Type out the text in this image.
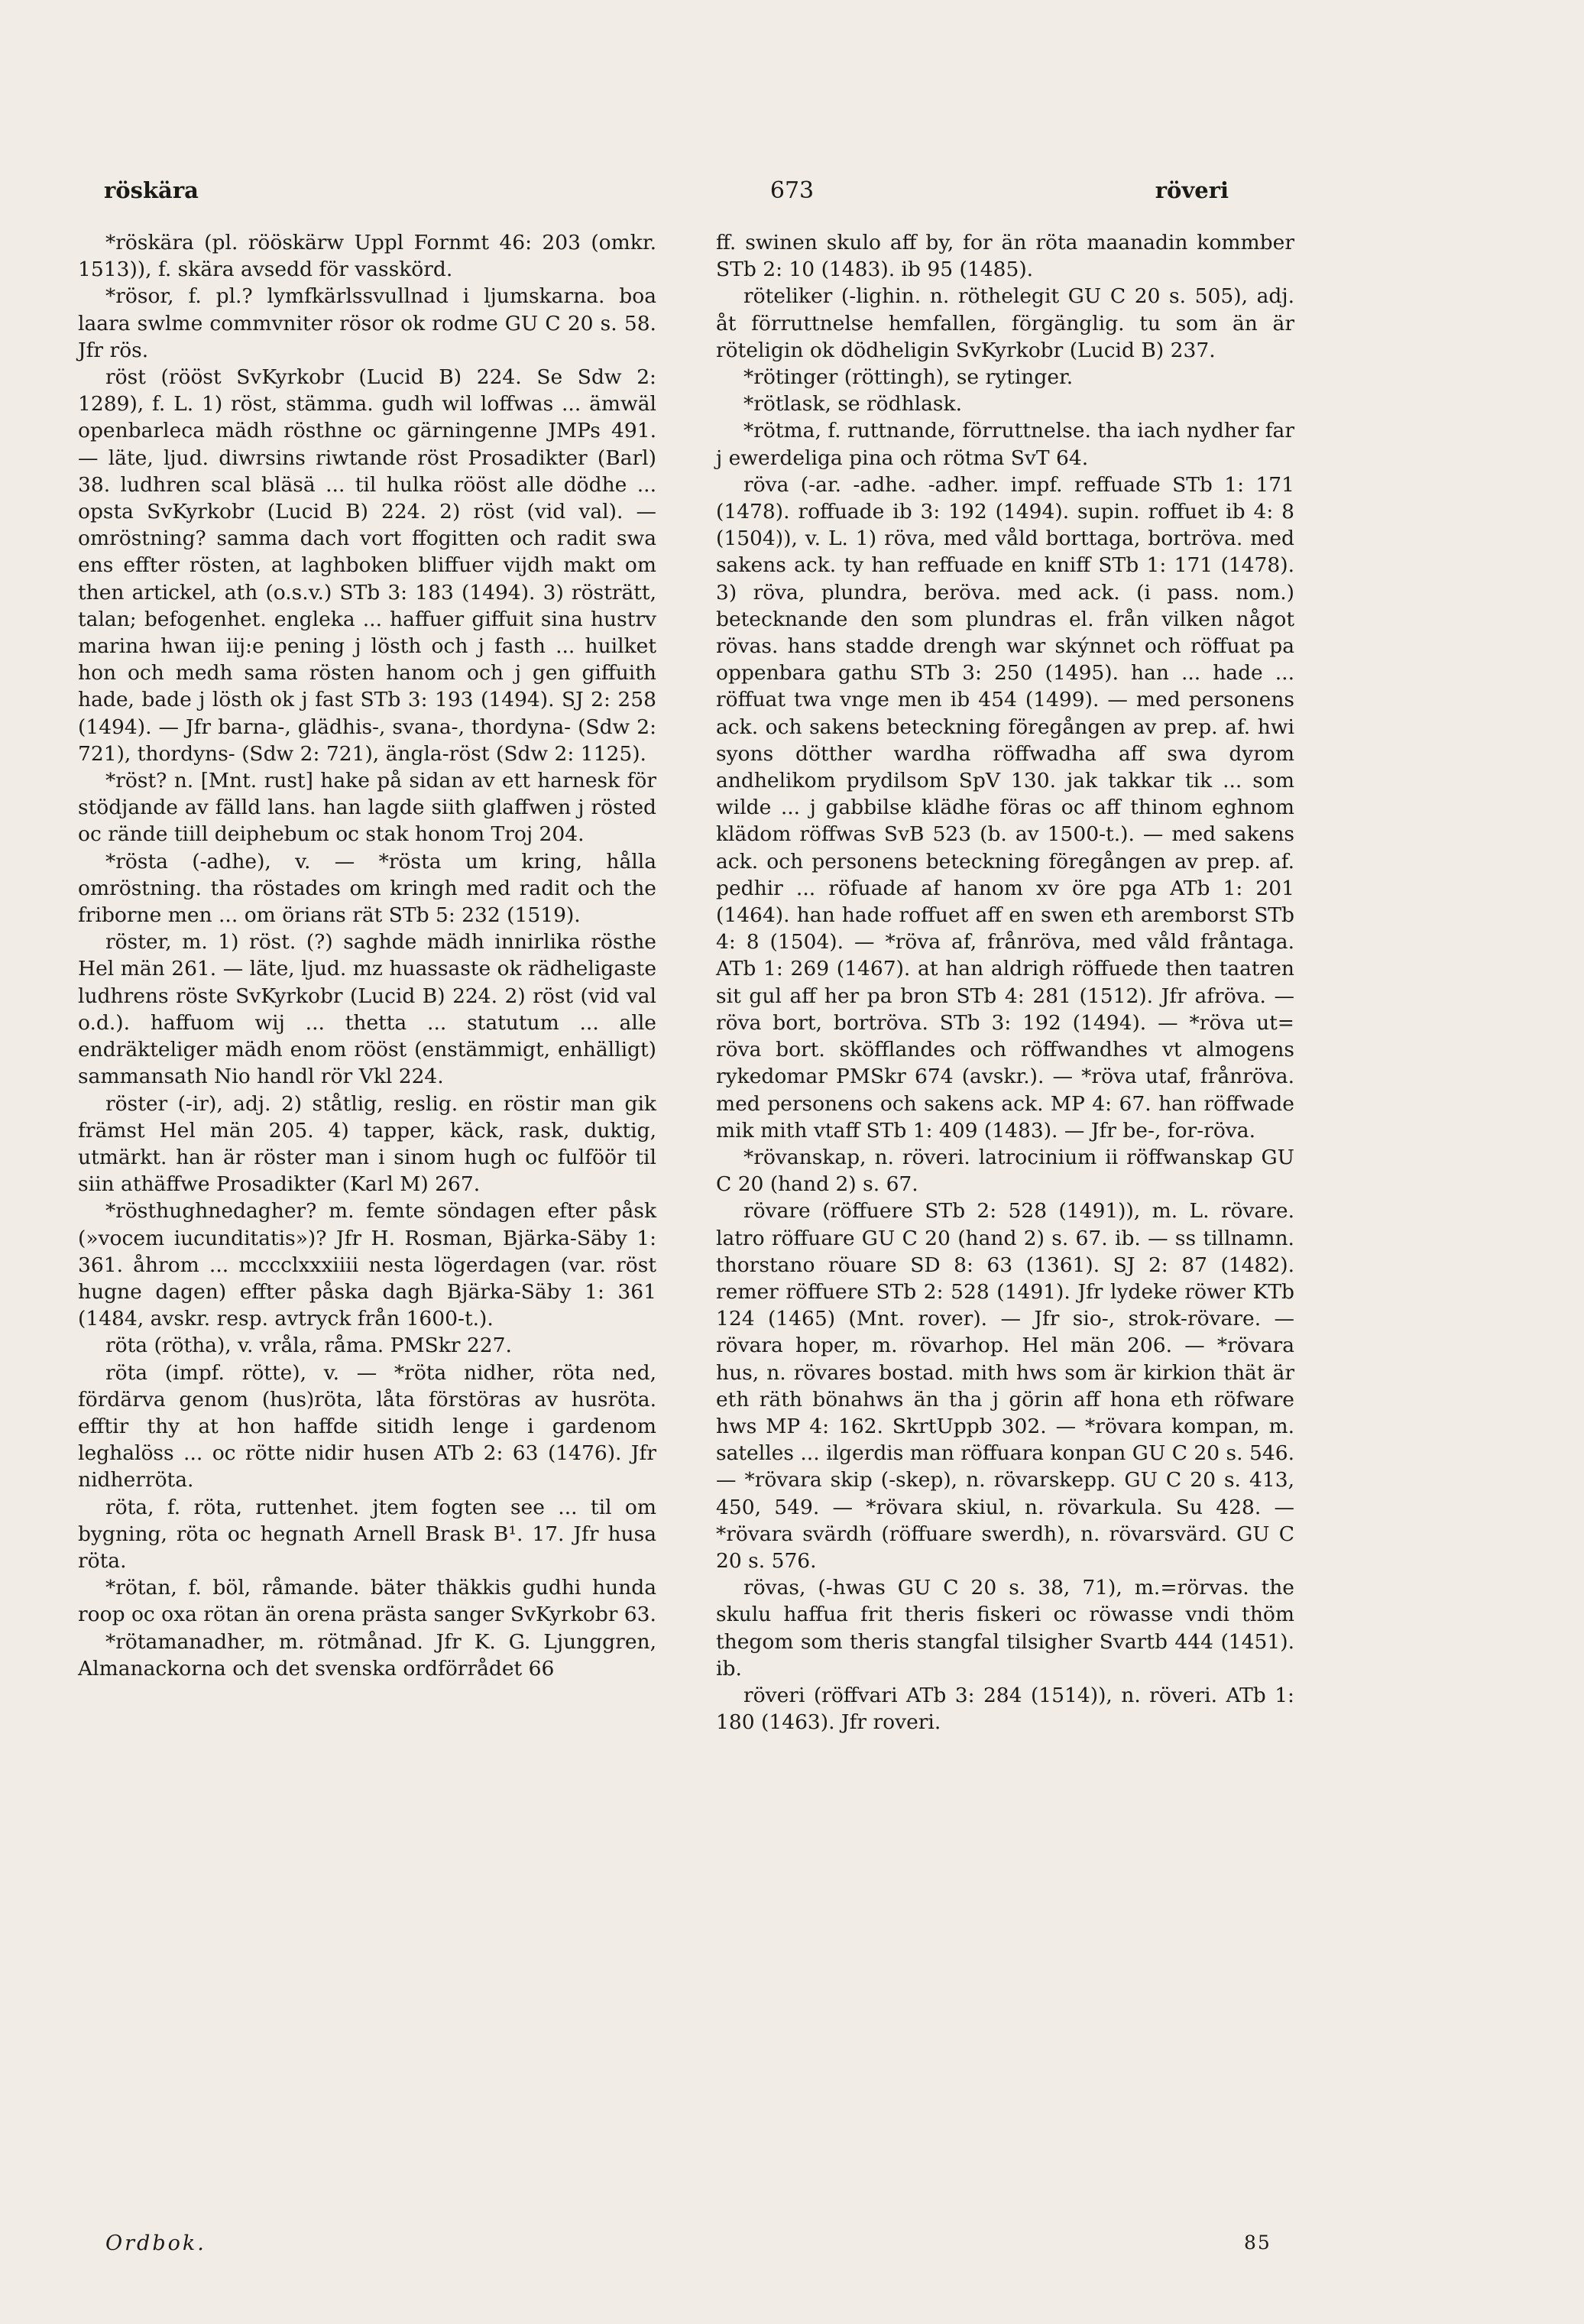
röskära	673	röveri

*röskära (pl. rööskärw Uppl Fornmt 46: 203 (omkr. 1513)), f. skära avsedd för vasskörd.

*rösor, f. pl.? lymfkärlssvullnad i ljumskarna. boa laara swlme commvniter rösor ok rodme GU C 20 s. 58. Jfr rös.

röst (rööst SvKyrkobr (Lucid B) 224. Se Sdw 2: 1289), f. L. 1) röst, stämma. gudh wil loffwas ... ämwäl openbarleca mädh rösthne oc gärningenne JMPs 491. — läte, ljud. diwrsins riwtande röst Prosadikter (Barl) 38. ludhren scal bläsä ... til hulka rööst alle dödhe ... opsta SvKyrkobr (Lucid B) 224. 2) röst (vid val). — omröstning? samma dach vort ffogitten och radit swa ens effter rösten, at laghboken bliffuer vijdh makt om then artickel, ath (o.s.v.) STb 3: 183 (1494). 3) rösträtt, talan; befogenhet. engleka ... haffuer giffuit sina hustrv marina hwan iij:e pening j lösth och j fasth ... huilket hon och medh sama rösten hanom och j gen giffuith hade, bade j lösth ok j fast STb 3: 193 (1494). SJ 2: 258 (1494). — Jfr barna-, glädhis-, svana-, thordyna- (Sdw 2: 721), thordyns- (Sdw 2: 721), ängla-röst (Sdw 2: 1125).

*röst? n. [Mnt. rust] hake på sidan av ett harnesk för stödjande av fälld lans. han lagde siith glaffwen j rösted oc rände tiill deiphebum oc stak honom Troj 204.

*rösta (-adhe), v. — *rösta um kring, hålla omröstning. tha röstades om kringh med radit och the friborne men ... om örians rät STb 5: 232 (1519).

röster, m. 1) röst. (?) saghde mädh innirlika rösthe Hel män 261. — läte, ljud. mz huassaste ok rädheligaste ludhrens röste SvKyrkobr (Lucid B) 224. 2) röst (vid val o.d.). haffuom wij ... thetta ... statutum ... alle endräkteliger mädh enom rööst (enstämmigt, enhälligt) sammansath Nio handl rör Vkl 224.

röster (-ir), adj. 2) ståtlig, reslig. en röstir man gik främst Hel män 205. 4) tapper, käck, rask, duktig, utmärkt. han är röster man i sinom hugh oc fulföör til siin athäffwe Prosadikter (Karl M) 267.

*rösthughnedagher? m. femte söndagen efter påsk (»vocem iucunditatis»)? Jfr H. Rosman, Bjärka-Säby 1: 361. åhrom ... mccclxxxiiii nesta lögerdagen (var. röst hugne dagen) effter påska dagh Bjärka-Säby 1: 361 (1484, avskr. resp. avtryck från 1600-t.).

röta (rötha), v. vråla, råma. PMSkr 227.

röta (impf. rötte), v. — *röta nidher, röta ned, fördärva genom (hus)röta, låta förstöras av husröta. efftir thy at hon haffde sitidh lenge i gardenom leghalöss ... oc rötte nidir husen ATb 2: 63 (1476). Jfr nidherröta.

röta, f. röta, ruttenhet. jtem fogten see ... til om bygning, röta oc hegnath Arnell Brask B¹. 17. Jfr husa röta.

*rötan, f. böl, råmande. bäter thäkkis gudhi hunda roop oc oxa rötan än orena prästa sanger SvKyrkobr 63.

*rötamanadher, m. rötmånad. Jfr K. G. Ljunggren, Almanackorna och det svenska ordförrådet 66

ff. swinen skulo aff by, for än röta maanadin kommber STb 2: 10 (1483). ib 95 (1485).

röteliker (-lighin. n. röthelegit GU C 20 s. 505), adj. åt förruttnelse hemfallen, förgänglig. tu som än är röteligin ok dödheligin SvKyrkobr (Lucid B) 237.

*rötinger (röttingh), se rytinger.

*rötlask, se rödhlask.

*rötma, f. ruttnande, förruttnelse. tha iach nydher far j ewerdeliga pina och rötma SvT 64.

röva (-ar. -adhe. -adher. impf. reffuade STb 1: 171 (1478). roffuade ib 3: 192 (1494). supin. roffuet ib 4: 8 (1504)), v. L. 1) röva, med våld borttaga, bortröva. med sakens ack. ty han reffuade en kniff STb 1: 171 (1478). 3) röva, plundra, beröva. med ack. (i pass. nom.) betecknande den som plundras el. från vilken något rövas. hans stadde drengh war skýnnet och röffuat pa oppenbara gathu STb 3: 250 (1495). han ... hade ... röffuat twa vnge men ib 454 (1499). — med personens ack. och sakens beteckning föregången av prep. af. hwi syons dötther wardha röffwadha aff swa dyrom andhelikom prydilsom SpV 130. jak takkar tik ... som wilde ... j gabbilse klädhe föras oc aff thinom eghnom klädom röffwas SvB 523 (b. av 1500-t.). — med sakens ack. och personens beteckning föregången av prep. af. pedhir ... röfuade af hanom xv öre pga ATb 1: 201 (1464). han hade roffuet aff en swen eth aremborst STb 4: 8 (1504). — *röva af, frånröva, med våld fråntaga. ATb 1: 269 (1467). at han aldrigh röffuede then taatren sit gul aff her pa bron STb 4: 281 (1512). Jfr afröva. — röva bort, bortröva. STb 3: 192 (1494). — *röva ut= röva bort. sköfflandes och röffwandhes vt almogens rykedomar PMSkr 674 (avskr.). — *röva utaf, frånröva. med personens och sakens ack. MP 4: 67. han röffwade mik mith vtaff STb 1: 409 (1483). — Jfr be-, for-röva.

*rövanskap, n. röveri. latrocinium ii röffwanskap GU C 20 (hand 2) s. 67.

rövare (röffuere STb 2: 528 (1491)), m. L. rövare. latro röffuare GU C 20 (hand 2) s. 67. ib. — ss tillnamn. thorstano röuare SD 8: 63 (1361). SJ 2: 87 (1482). remer röffuere STb 2: 528 (1491). Jfr lydeke röwer KTb 124 (1465) (Mnt. rover). — Jfr sio-, strok-rövare. — rövara hoper, m. rövarhop. Hel män 206. — *rövara hus, n. rövares bostad. mith hws som är kirkion thät är eth räth bönahws än tha j görin aff hona eth röfware hws MP 4: 162. SkrtUppb 302. — *rövara kompan, m. satelles ... ilgerdis man röffuara konpan GU C 20 s. 546. — *rövara skip (-skep), n. rövarskepp. GU C 20 s. 413, 450, 549. — *rövara skiul, n. rövarkula. Su 428. — *rövara svärdh (röffuare swerdh), n. rövarsvärd. GU C 20 s. 576.

rövas, (-hwas GU C 20 s. 38, 71), m.=rörvas. the skulu haffua frit theris fiskeri oc röwasse vndi thöm thegom som theris stangfal tilsigher Svartb 444 (1451). ib.

röveri (röffvari ATb 3: 284 (1514)), n. röveri. ATb 1: 180 (1463). Jfr roveri.

Ordbok.	85
